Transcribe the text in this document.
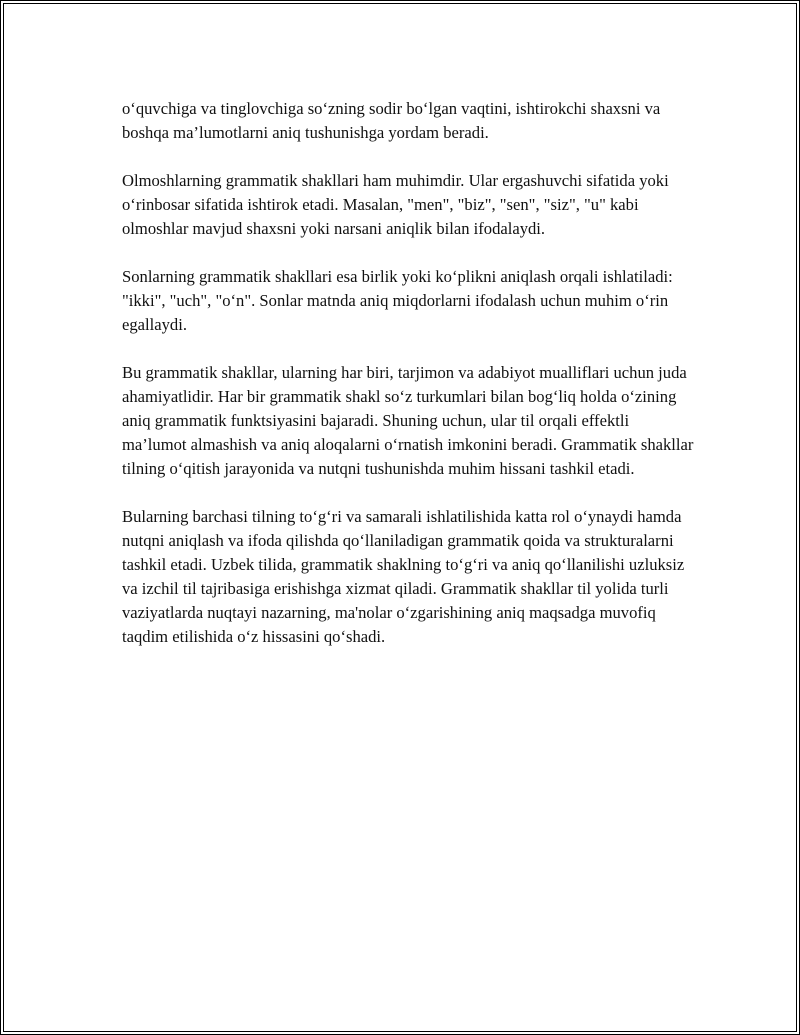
o‘quvchiga va tinglovchiga so‘zning sodir bo‘lgan vaqtini, ishtirokchi shaxsni va boshqa ma’lumotlarni aniq tushunishga yordam beradi.

Olmoshlarning grammatik shakllari ham muhimdir. Ular ergashuvchi sifatida yoki o‘rinbosar sifatida ishtirok etadi. Masalan, "men", "biz", "sen", "siz", "u" kabi olmoshlar mavjud shaxsni yoki narsani aniqlik bilan ifodalaydi.

Sonlarning grammatik shakllari esa birlik yoki ko‘plikni aniqlash orqali ishlatiladi: "ikki", "uch", "o‘n". Sonlar matnda aniq miqdorlarni ifodalash uchun muhim o‘rin egallaydi.

Bu grammatik shakllar, ularning har biri, tarjimon va adabiyot mualliflari uchun juda ahamiyatlidir. Har bir grammatik shakl so‘z turkumlari bilan bog‘liq holda o‘zining aniq grammatik funktsiyasini bajaradi. Shuning uchun, ular til orqali effektli ma’lumot almashish va aniq aloqalarni o‘rnatish imkonini beradi. Grammatik shakllar tilning o‘qitish jarayonida va nutqni tushunishda muhim hissani tashkil etadi.

Bularning barchasi tilning to‘g‘ri va samarali ishlatilishida katta rol o‘ynaydi hamda nutqni aniqlash va ifoda qilishda qo‘llaniladigan grammatik qoida va strukturalarni tashkil etadi. Uzbek tilida, grammatik shaklning to‘g‘ri va aniq qo‘llanilishi uzluksiz va izchil til tajribasiga erishishga xizmat qiladi. Grammatik shakllar til yolida turli vaziyatlarda nuqtayi nazarning, ma'nolar o‘zgarishining aniq maqsadga muvofiq taqdim etilishida o‘z hissasini qo‘shadi.
